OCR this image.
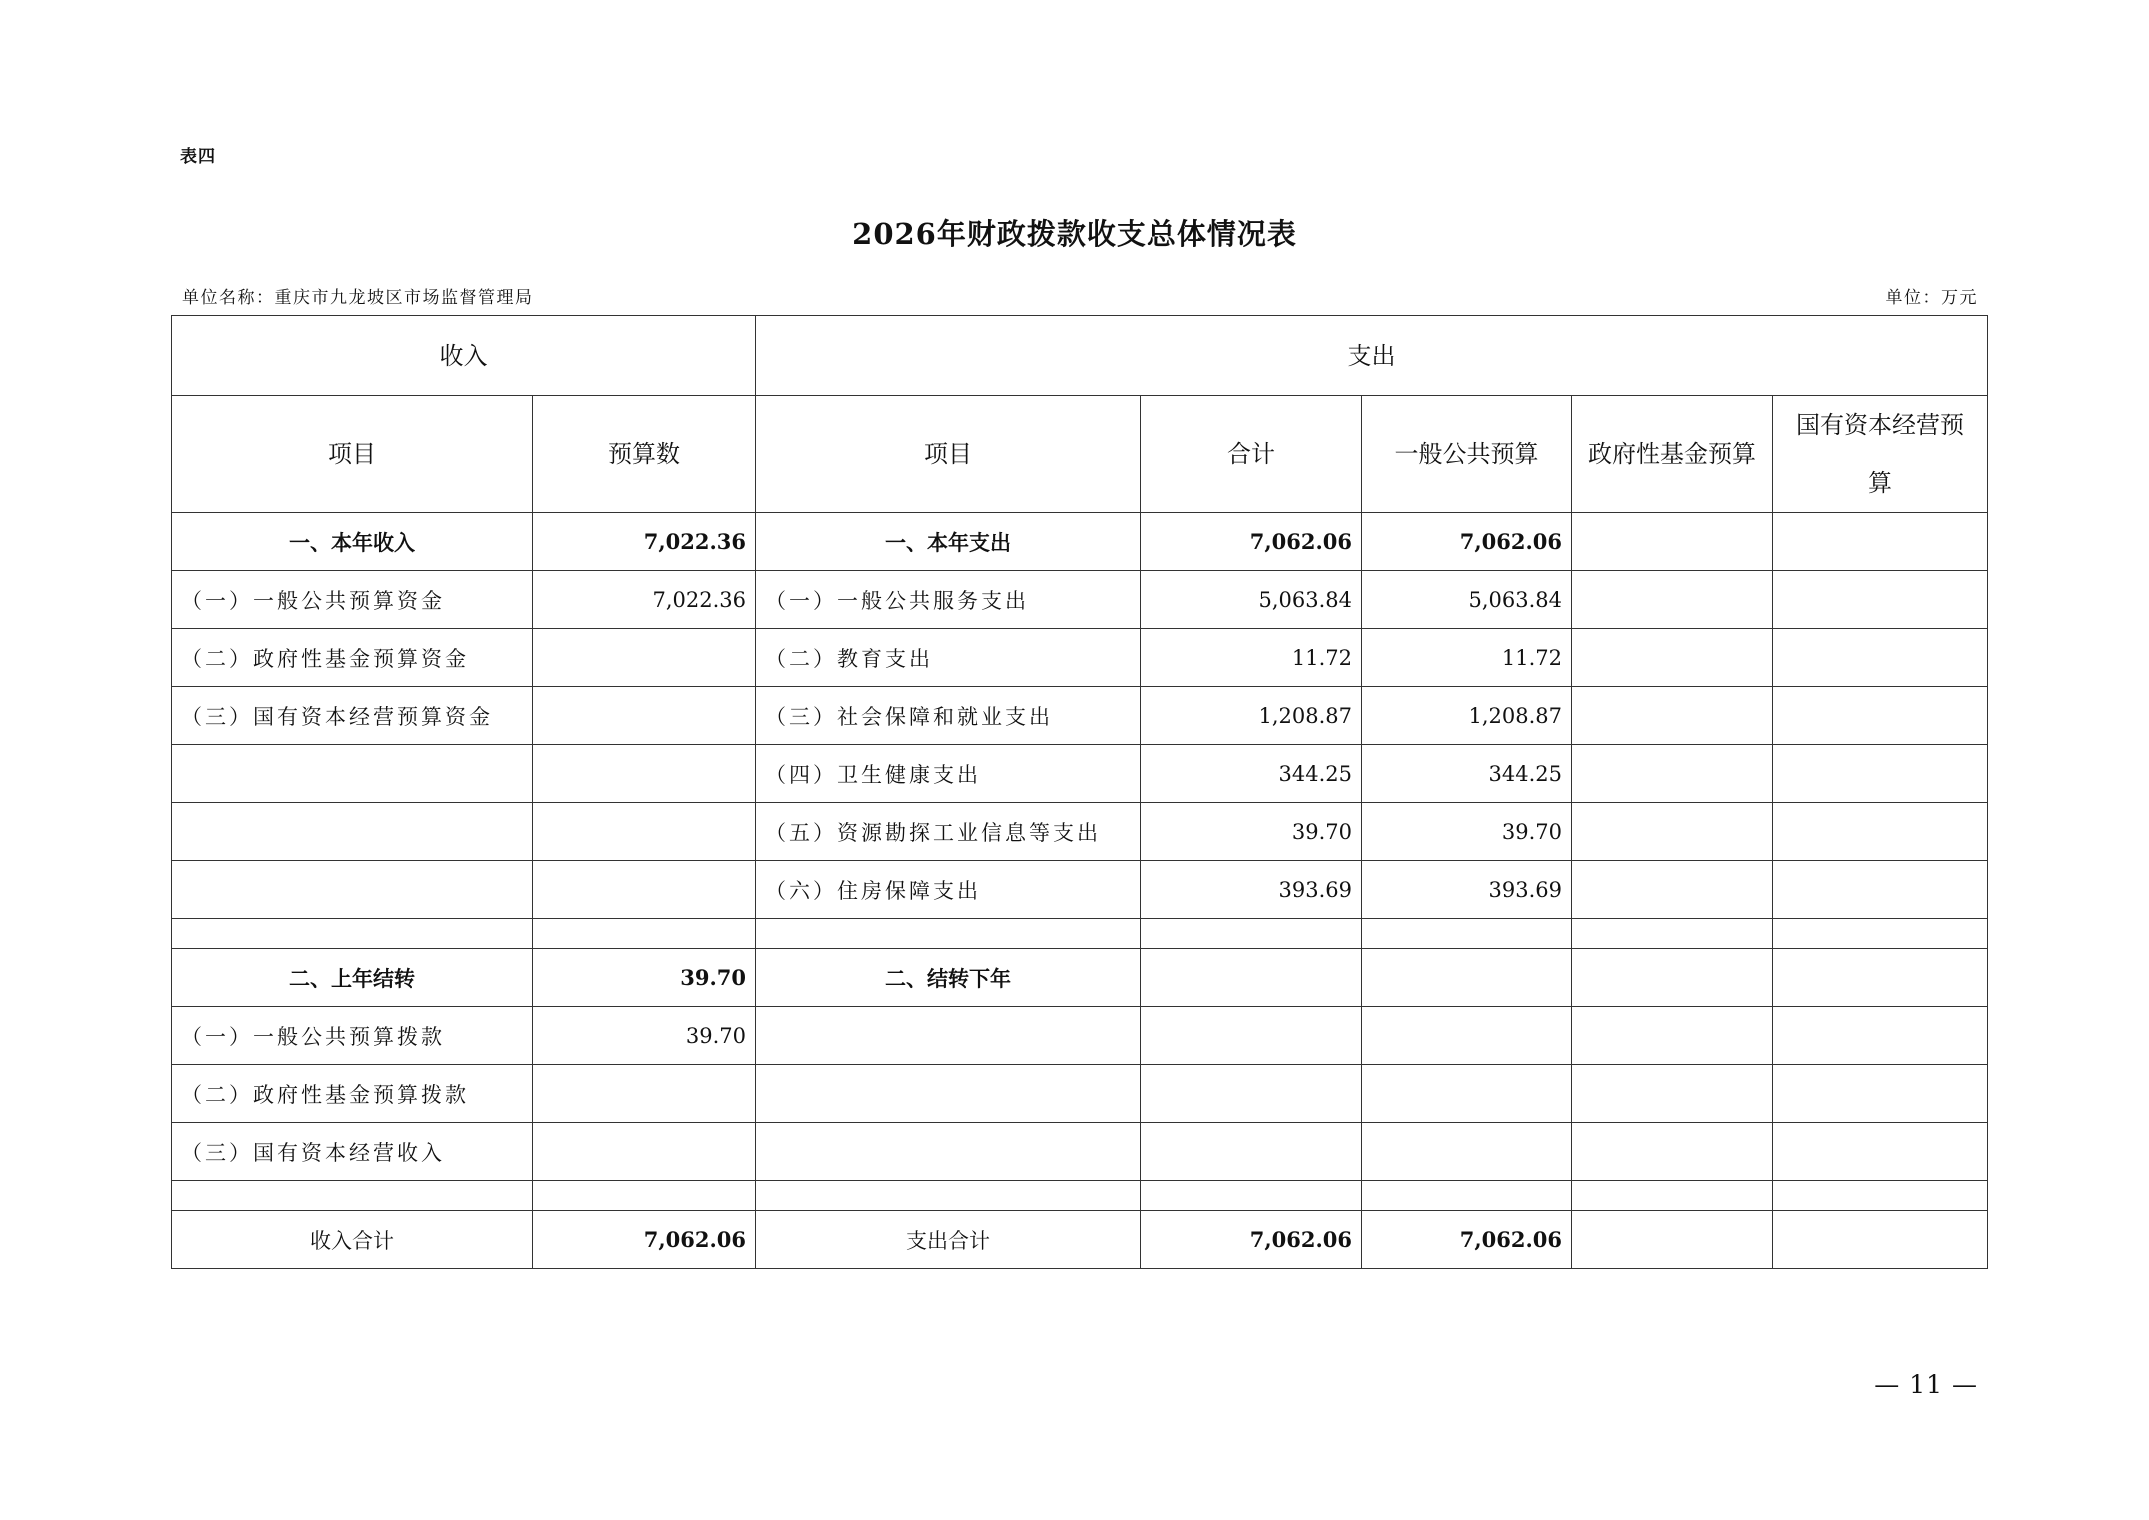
表四
2026年财政拨款收支总体情况表
单位名称：重庆市九龙坡区市场监督管理局	单位：万元
收入		支出				
项目	预算数	项目	合计	一般公共预算	政府性基金预算	国有资本经营预算
一、本年收入	7,022.36	一、本年支出	7,062.06	7,062.06		
（一）一般公共预算资金	7,022.36	（一）一般公共服务支出	5,063.84	5,063.84		
（二）政府性基金预算资金		（二）教育支出	11.72	11.72		
（三）国有资本经营预算资金		（三）社会保障和就业支出	1,208.87	1,208.87		
		（四）卫生健康支出	344.25	344.25		
		（五）资源勘探工业信息等支出	39.70	39.70		
		（六）住房保障支出	393.69	393.69		

二、上年结转	39.70	二、结转下年				
（一）一般公共预算拨款	39.70					
（二）政府性基金预算拨款						
（三）国有资本经营收入						

收入合计	7,062.06	支出合计	7,062.06	7,062.06		
— 11 —
